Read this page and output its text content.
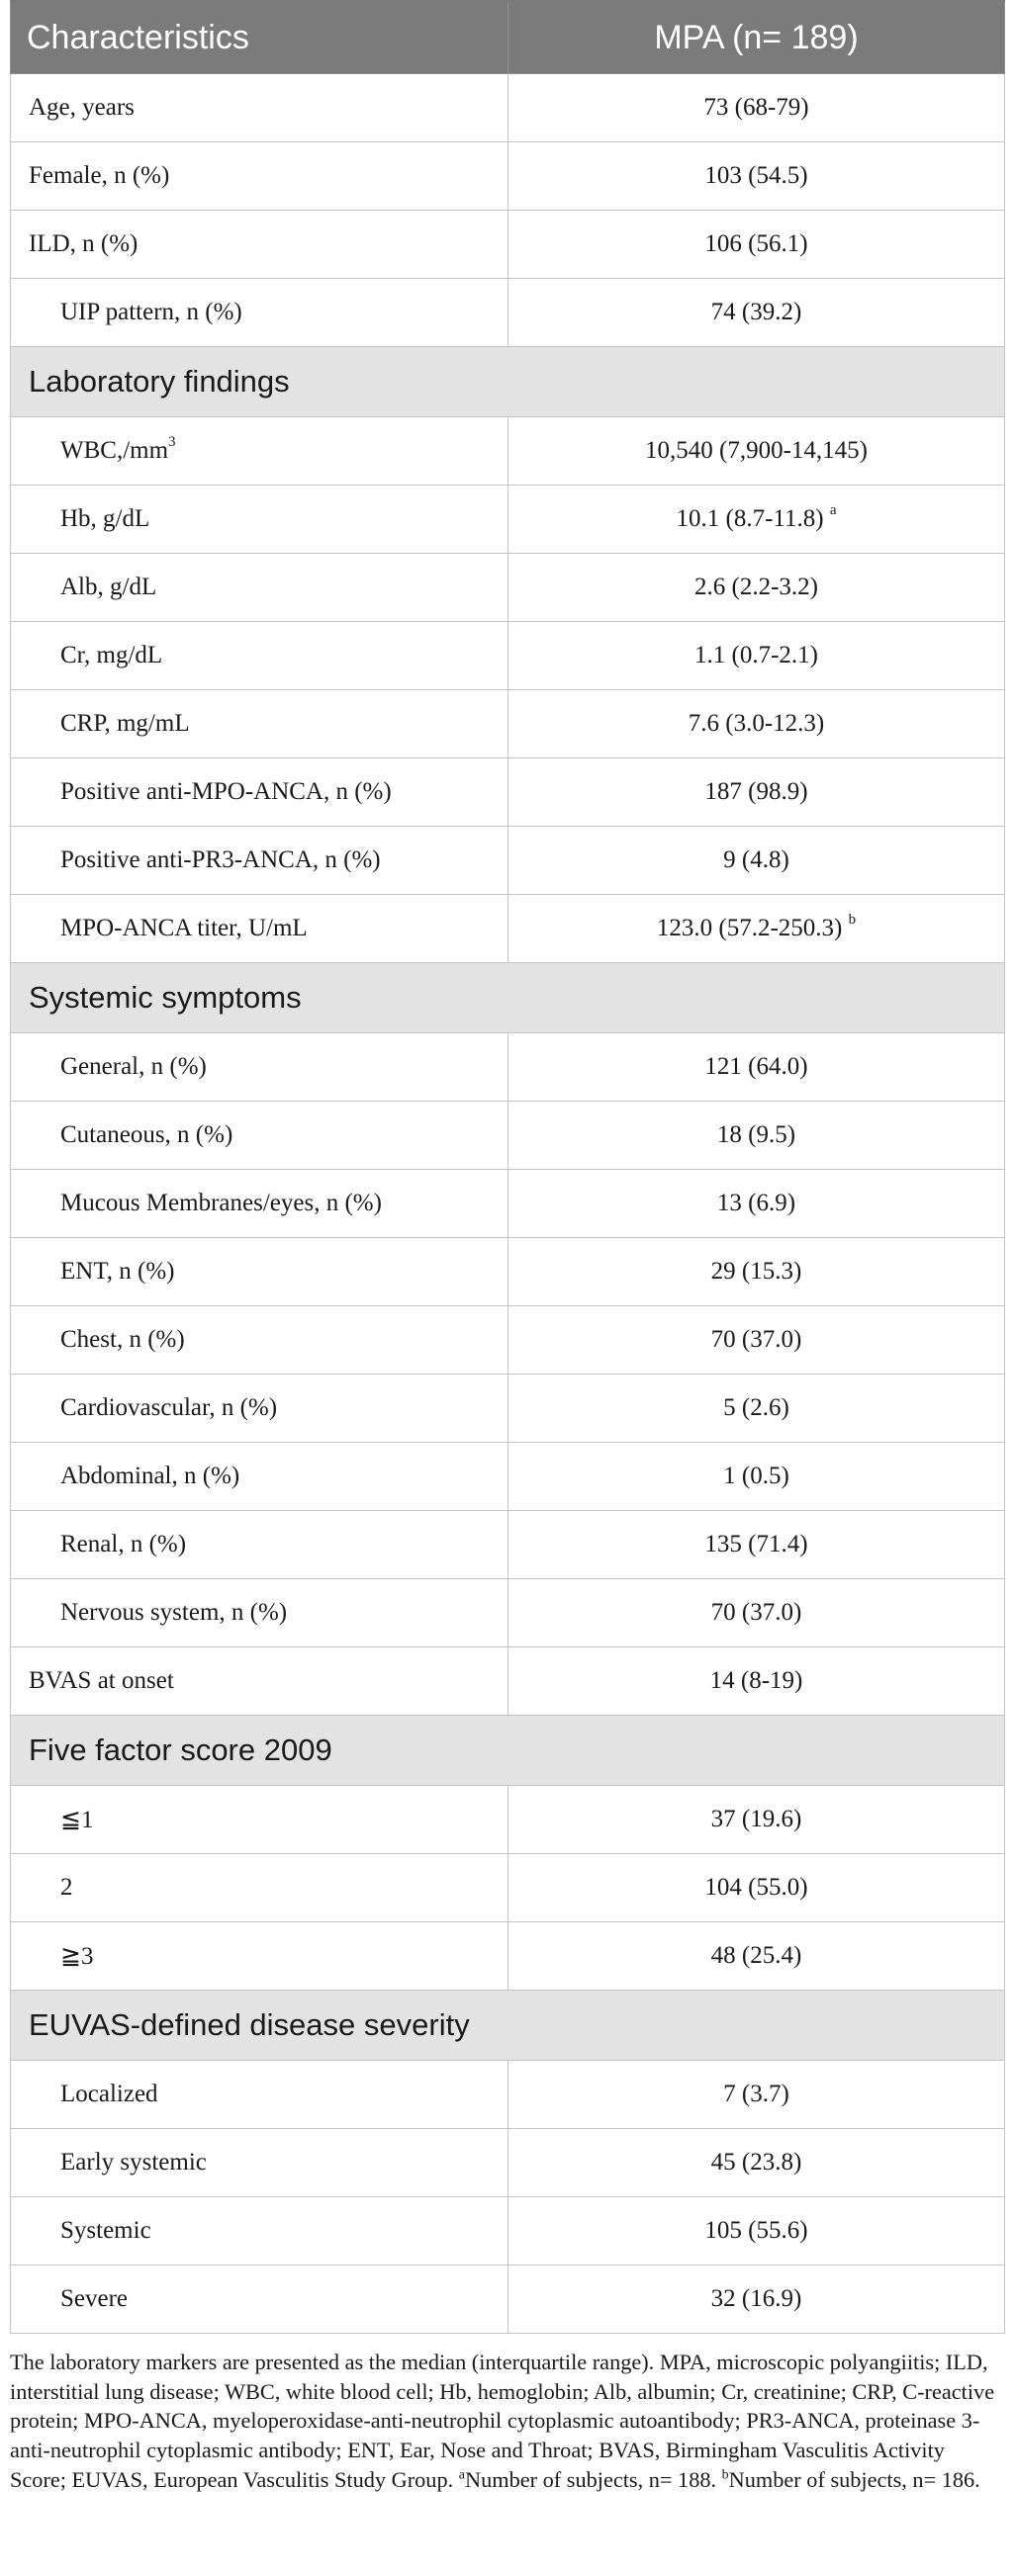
Characteristics	MPA (n= 189)
Age, years	73 (68-79)
Female, n (%)	103 (54.5)
ILD, n (%)	106 (56.1)
UIP pattern, n (%)	74 (39.2)
Laboratory findings	
$WBC,/mm^3$	10,540 (7,900-14,145)
Hb, g/dL	10.1 (8.7-11.8) $^a$
Alb, g/dL	2.6 (2.2-3.2)
Cr, mg/dL	1.1 (0.7-2.1)
CRP, mg/mL	7.6 (3.0-12.3)
Positive anti-MPO-ANCA, n (%)	187 (98.9)
Positive anti-PR3-ANCA, n (%)	9 (4.8)
MPO-ANCA titer, U/mL	123.0 (57.2-250.3) $^b$
Systemic symptoms	
General, n (%)	121 (64.0)
Cutaneous, n (%)	18 (9.5)
Mucous Membranes/eyes, n (%)	13 (6.9)
ENT, n (%)	29 (15.3)
Chest, n (%)	70 (37.0)
Cardiovascular, n (%)	5 (2.6)
Abdominal, n (%)	1 (0.5)
Renal, n (%)	135 (71.4)
Nervous system, n (%)	70 (37.0)
BVAS at onset	14 (8-19)
Five factor score 2009	
≦1	37 (19.6)
2	104 (55.0)
≧3	48 (25.4)
EUVAS-defined disease severity	
Localized	7 (3.7)
Early systemic	45 (23.8)
Systemic	105 (55.6)
Severe	32 (16.9)
The laboratory markers are presented as the median (interquartile range). MPA, microscopic polyangiitis; ILD, interstitial lung disease; WBC, white blood cell; Hb, hemoglobin; Alb, albumin; Cr, creatinine; CRP, C-reactive protein; MPO-ANCA, myeloperoxidase-anti-neutrophil cytoplasmic autoantibody; PR3-ANCA, proteinase 3-anti-neutrophil cytoplasmic antibody; ENT, Ear, Nose and Throat; BVAS, Birmingham Vasculitis Activity Score; EUVAS, European Vasculitis Study Group. $^a$Number of subjects, n= 188. $^b$Number of subjects, n= 186.
